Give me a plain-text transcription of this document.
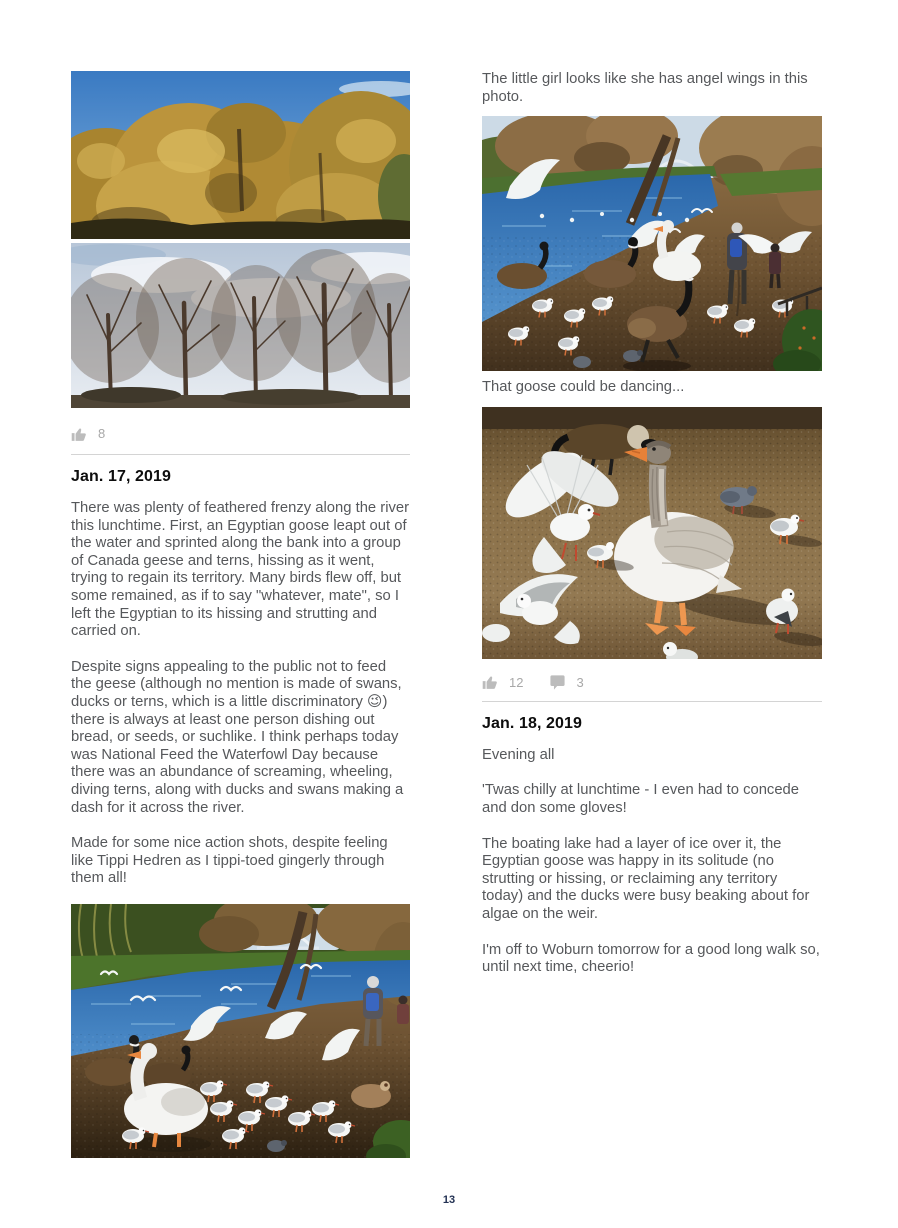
8
Jan. 17, 2019

There was plenty of feathered frenzy along the river this lunchtime. First, an Egyptian goose leapt out of the water and sprinted along the bank into a group of Canada geese and terns, hissing as it went, trying to regain its territory. Many birds flew off, but some remained, as if to say "whatever, mate", so I left the Egyptian to its hissing and strutting and carried on.

Despite signs appealing to the public not to feed the geese (although no mention is made of swans, ducks or terns, which is a little discriminatory 😉) there is always at least one person dishing out bread, or seeds, or suchlike. I think perhaps today was National Feed the Waterfowl Day because there was an abundance of screaming, wheeling, diving terns, along with ducks and swans making a dash for it across the river.

Made for some nice action shots, despite feeling like Tippi Hedren as I tippi-toed gingerly through them all!

The little girl looks like she has angel wings in this photo.

That goose could be dancing...

12	3
Jan. 18, 2019

Evening all

'Twas chilly at lunchtime - I even had to concede and don some gloves!

The boating lake had a layer of ice over it, the Egyptian goose was happy in its solitude (no strutting or hissing, or reclaiming any territory today) and the ducks were busy beaking about for algae on the weir.

I'm off to Woburn tomorrow for a good long walk so, until next time, cheerio!

13
